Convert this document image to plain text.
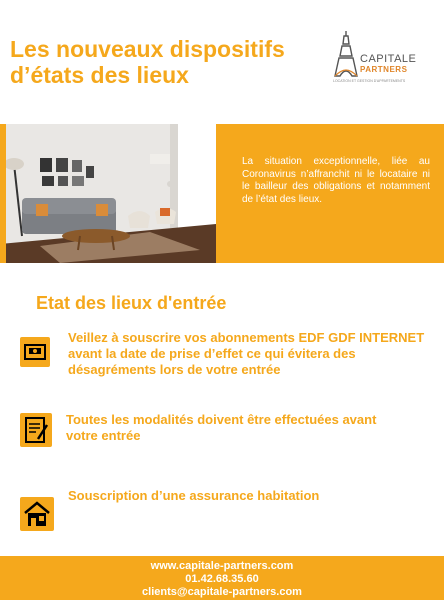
Les nouveaux dispositifs
d’états des lieux
CAPITALE
PARTNERS
LOCATION ET GESTION D'APPARTEMENTS

La situation exceptionnelle, liée au Coronavirus n’affranchit ni le locataire ni le bailleur des obligations et notamment de l’état des lieux.

Etat des lieux d'entrée
Veillez à souscrire vos abonnements EDF GDF INTERNET avant la date de prise d’effet ce qui évitera des désagréments lors de votre entrée
Toutes les modalités doivent être effectuées avant votre entrée
Souscription d’une assurance habitation
www.capitale-partners.com
01.42.68.35.60
clients@capitale-partners.com
